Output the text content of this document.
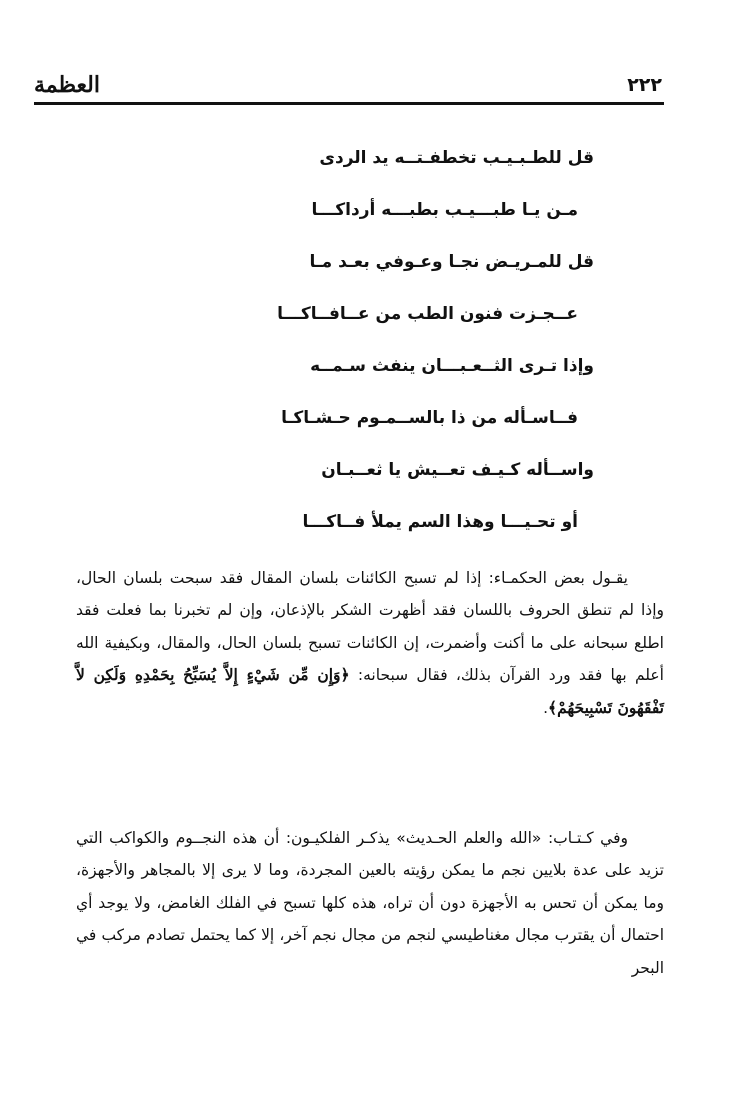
العظمة	٢٢٢
قل للطـبـيـب تخطفـتــه يد الردى
مـن يـا طبـــيـب بطبـــه أرداكـــا
قل للمـريـض نجـا وعـوفي بعـد مـا
عــجـزت فنون الطب من عــافــاكـــا
وإذا تـرى الثــعـبـــان ينفث سـمــه
فــاسـأله من ذا بالســمـوم حـشـاكـا
واســأله كـيـف تعــيش يا ثعــبـان
أو تحـيـــا وهذا السم يملأ فــاكـــا

يقـول بعض الحكمـاء: إذا لم تسبح الكائنات بلسان المقال فقد سبحت بلسان الحال، وإذا لم تنطق الحروف باللسان فقد أظهرت الشكر بالإذعان، وإن لم تخبرنا بما فعلت فقد اطلع سبحانه على ما أكنت وأضمرت، إن الكائنات تسبح بلسان الحال، والمقال، وبكيفية الله أعلم بها فقد ورد القرآن بذلك، فقال سبحانه: ﴿وَإِن مِّن شَيْءٍ إِلاَّ يُسَبِّحُ بِحَمْدِهِ وَلَكِن لاَّ تَفْقَهُونَ تَسْبِيحَهُمْ﴾.

وفي كـتـاب: «الله والعلم الحـديث» يذكـر الفلكيـون: أن هذه النجــوم والكواكب التي تزيد على عدة بلايين نجم ما يمكن رؤيته بالعين المجردة، وما لا يرى إلا بالمجاهر والأجهزة، وما يمكن أن تحس به الأجهزة دون أن تراه، هذه كلها تسبح في الفلك الغامض، ولا يوجد أي احتمال أن يقترب مجال مغناطيسي لنجم من مجال نجم آخر، إلا كما يحتمل تصادم مركب في البحر
